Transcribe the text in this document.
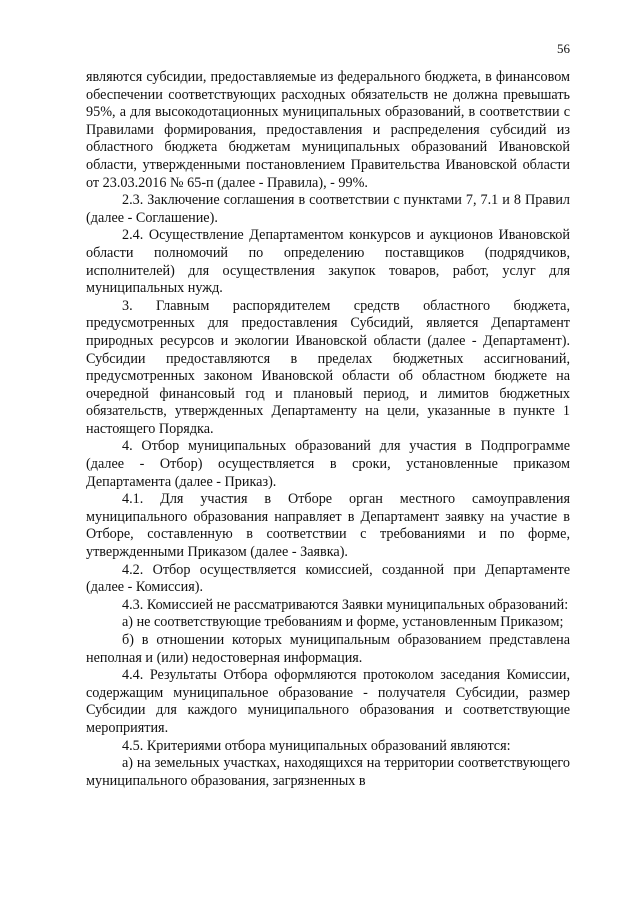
56

являются субсидии, предоставляемые из федерального бюджета, в финансовом обеспечении соответствующих расходных обязательств не должна превышать 95%, а для высокодотационных муниципальных образований, в соответствии с Правилами формирования, предоставления и распределения субсидий из областного бюджета бюджетам муниципальных образований Ивановской области, утвержденными постановлением Правительства Ивановской области от 23.03.2016 № 65-п (далее - Правила), - 99%.

2.3. Заключение соглашения в соответствии с пунктами 7, 7.1 и 8 Правил (далее - Соглашение).

2.4. Осуществление Департаментом конкурсов и аукционов Ивановской области полномочий по определению поставщиков (подрядчиков, исполнителей) для осуществления закупок товаров, работ, услуг для муниципальных нужд.

3. Главным распорядителем средств областного бюджета, предусмотренных для предоставления Субсидий, является Департамент природных ресурсов и экологии Ивановской области (далее - Департамент). Субсидии предоставляются в пределах бюджетных ассигнований, предусмотренных законом Ивановской области об областном бюджете на очередной финансовый год и плановый период, и лимитов бюджетных обязательств, утвержденных Департаменту на цели, указанные в пункте 1 настоящего Порядка.

4. Отбор муниципальных образований для участия в Подпрограмме (далее - Отбор) осуществляется в сроки, установленные приказом Департамента (далее - Приказ).

4.1. Для участия в Отборе орган местного самоуправления муниципального образования направляет в Департамент заявку на участие в Отборе, составленную в соответствии с требованиями и по форме, утвержденными Приказом (далее - Заявка).

4.2. Отбор осуществляется комиссией, созданной при Департаменте (далее - Комиссия).

4.3. Комиссией не рассматриваются Заявки муниципальных образований:

а) не соответствующие требованиям и форме, установленным Приказом;

б) в отношении которых муниципальным образованием представлена неполная и (или) недостоверная информация.

4.4. Результаты Отбора оформляются протоколом заседания Комиссии, содержащим муниципальное образование - получателя Субсидии, размер Субсидии для каждого муниципального образования и соответствующие мероприятия.

4.5. Критериями отбора муниципальных образований являются:

а) на земельных участках, находящихся на территории соответствующего муниципального образования, загрязненных в
